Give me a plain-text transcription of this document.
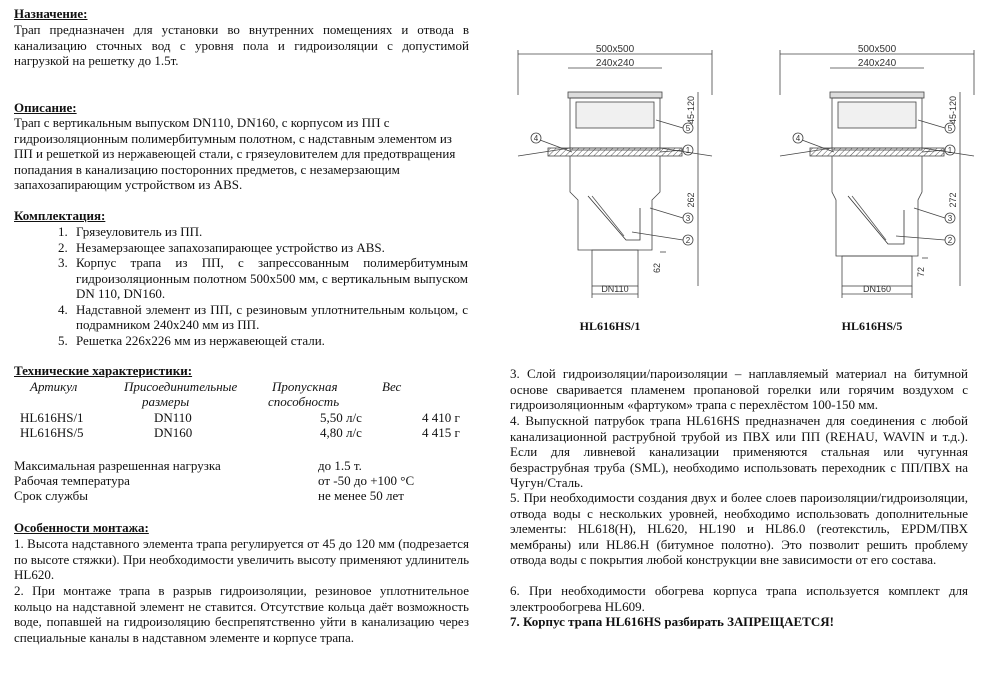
Назначение:
Трап предназначен для установки во внутренних помещениях и отвода в канализацию сточных вод с уровня пола и гидроизоляции с допустимой нагрузкой на решетку до 1.5т.
Описание:
Трап с вертикальным выпуском DN110, DN160, с корпусом из ПП с гидроизоляционным полимербитумным полотном, с надставным элементом из ПП и решеткой из нержавеющей стали, с грязеуловителем для предотвращения попадания в канализацию посторонних предметов, с незамерзающим запахозапирающим устройством из ABS.
Комплектация:
1. Грязеуловитель из ПП.
2. Незамерзающее запахозапирающее устройство из ABS.
3. Корпус трапа из ПП, с запрессованным полимербитумным гидроизоляционным полотном 500x500 мм, с вертикальным выпуском DN 110, DN160.
4. Надставной элемент из ПП, с резиновым уплотнительным кольцом, с подрамником 240x240 мм из ПП.
5. Решетка 226x226 мм из нержавеющей стали.
Технические характеристики:
Артикул	Присоединительные	Пропускная	Вес
размеры	способность
HL616HS/1	DN110	5,50 л/с	4 410 г
HL616HS/5	DN160	4,80 л/с	4 415 г
Максимальная разрешенная нагрузка	до 1.5 т.
Рабочая температура	от -50 до +100 °C
Срок службы	не менее 50 лет
Особенности монтажа:
1. Высота надставного элемента трапа регулируется от 45 до 120 мм (подрезается по высоте стяжки). При необходимости увеличить высоту применяют удлинитель HL620.
2. При монтаже трапа в разрыв гидроизоляции, резиновое уплотнительное кольцо на надставной элемент не ставится. Отсутствие кольца даёт возможность воде, попавшей на гидроизоляцию беспрепятственно уйти в канализацию через специальные каналы в надставном элементе и корпусе трапа.
3. Слой гидроизоляции/пароизоляции – наплавляемый материал на битумной основе сваривается пламенем пропановой горелки или горячим воздухом с гидроизоляционным «фартуком» трапа с перехлёстом 100-150 мм.
4. Выпускной патрубок трапа HL616HS предназначен для соединения с любой канализационной раструбной трубой из ПВХ или ПП (REHAU, WAVIN и т.д.). Если для ливневой канализации применяются стальная или чугунная безраструбная труба (SML), необходимо использовать переходник с ПП/ПВХ на Чугун/Сталь.
5. При необходимости создания двух и более слоев пароизоляции/гидроизоляции, отвода воды с нескольких уровней, необходимо использовать дополнительные элементы: HL618(H), HL620, HL190 и HL86.0 (геотекстиль, EPDM/ПВХ мембраны) или HL86.H (битумное полотно). Это позволит решить проблему отвода воды с покрытия любой конструкции вне зависимости от его состава.
6. При необходимости обогрева корпуса трапа используется комплект для электрообогрева HL609.
7. Корпус трапа HL616HS разбирать ЗАПРЕЩАЕТСЯ!
500x500
240x240
DN110
45-120
262
62
4
5
1
3
2
HL616HS/1
500x500
240x240
DN160
45-120
272
72
4
5
1
3
2
HL616HS/5
